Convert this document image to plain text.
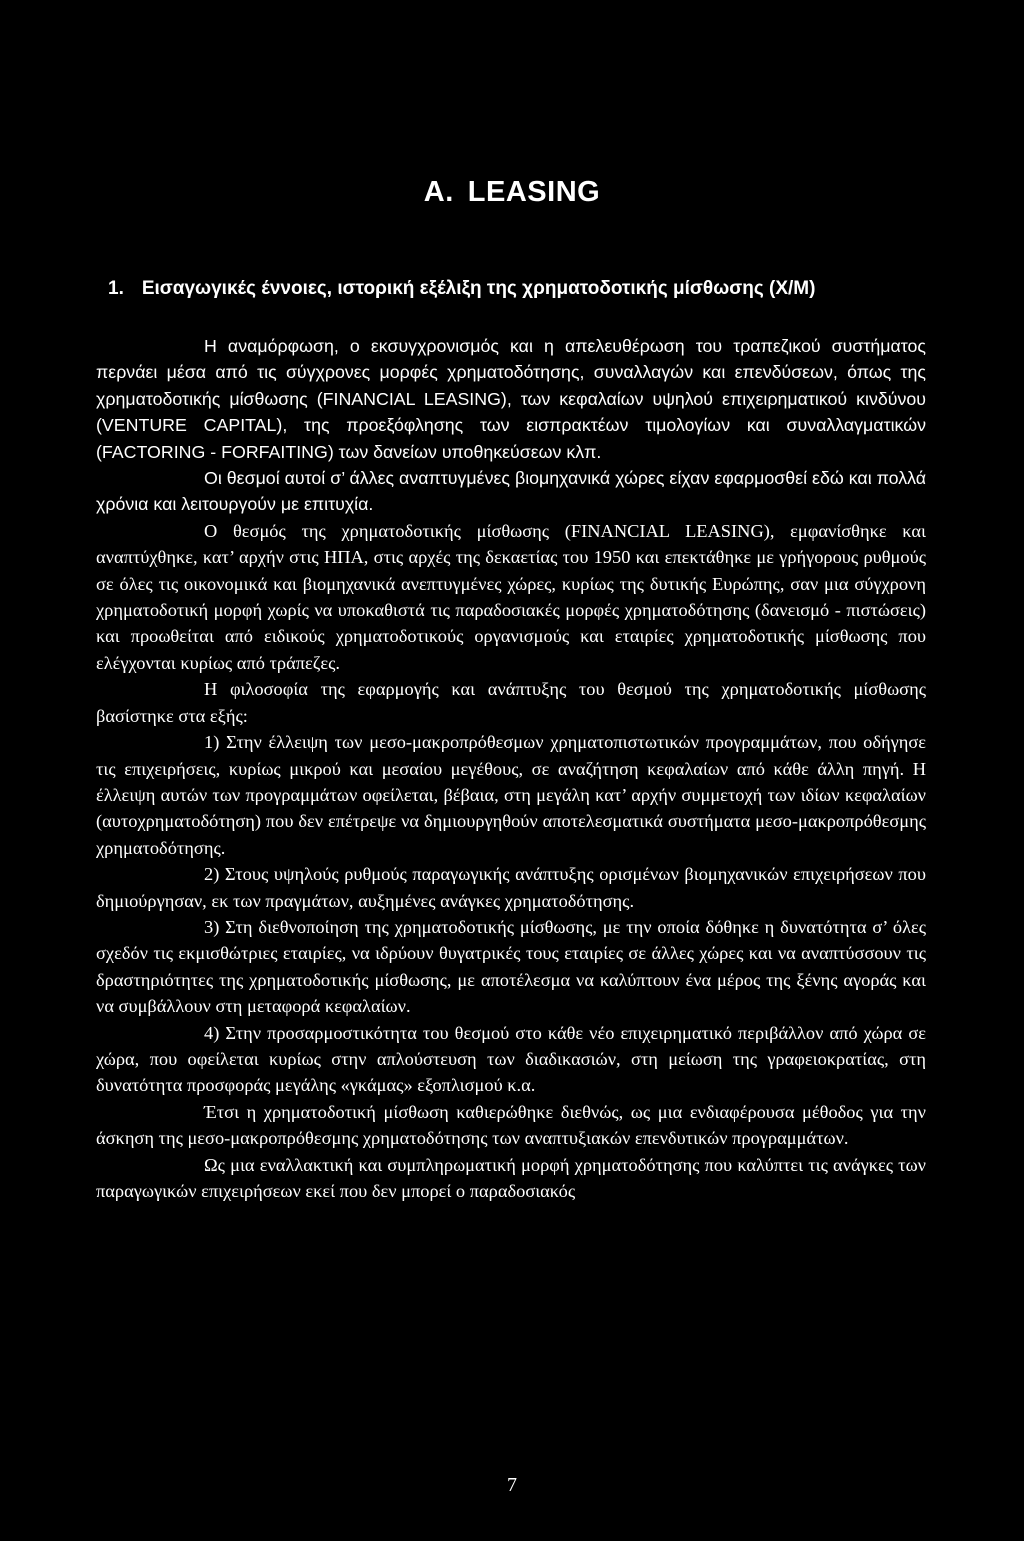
A. LEASING
1. Εισαγωγικές έννοιες, ιστορική εξέλιξη της χρηματοδοτικής μίσθωσης (Χ/Μ)

Η αναμόρφωση, ο εκσυγχρονισμός και η απελευθέρωση του τραπεζικού συστήματος περνάει μέσα από τις σύγχρονες μορφές χρηματοδότησης, συναλλαγών και επενδύσεων, όπως της χρηματοδοτικής μίσθωσης (FINANCIAL LEASING), των κεφαλαίων υψηλού επιχειρηματικού κινδύνου (VENTURE CAPITAL), της προεξόφλησης των εισπρακτέων τιμολογίων και συναλλαγματικών (FACTORING - FORFAITING) των δανείων υποθηκεύσεων κλπ.

Οι θεσμοί αυτοί σ’ άλλες αναπτυγμένες βιομηχανικά χώρες είχαν εφαρμοσθεί εδώ και πολλά χρόνια και λειτουργούν με επιτυχία.

Ο θεσμός της χρηματοδοτικής μίσθωσης (FINANCIAL LEASING), εμφανίσθηκε και αναπτύχθηκε, κατ’ αρχήν στις ΗΠΑ, στις αρχές της δεκαετίας του 1950 και επεκτάθηκε με γρήγορους ρυθμούς σε όλες τις οικονομικά και βιομηχανικά ανεπτυγμένες χώρες, κυρίως της δυτικής Ευρώπης, σαν μια σύγχρονη χρηματοδοτική μορφή χωρίς να υποκαθιστά τις παραδοσιακές μορφές χρηματοδότησης (δανεισμό - πιστώσεις) και προωθείται από ειδικούς χρηματοδοτικούς οργανισμούς και εταιρίες χρηματοδοτικής μίσθωσης που ελέγχονται κυρίως από τράπεζες.

Η φιλοσοφία της εφαρμογής και ανάπτυξης του θεσμού της χρηματοδοτικής μίσθωσης βασίστηκε στα εξής:

1) Στην έλλειψη των μεσο-μακροπρόθεσμων χρηματοπιστωτικών προγραμμάτων, που οδήγησε τις επιχειρήσεις, κυρίως μικρού και μεσαίου μεγέθους, σε αναζήτηση κεφαλαίων από κάθε άλλη πηγή. Η έλλειψη αυτών των προγραμμάτων οφείλεται, βέβαια, στη μεγάλη κατ’ αρχήν συμμετοχή των ιδίων κεφαλαίων (αυτοχρηματοδότηση) που δεν επέτρεψε να δημιουργηθούν αποτελεσματικά συστήματα μεσο-μακροπρόθεσμης χρηματοδότησης.

2) Στους υψηλούς ρυθμούς παραγωγικής ανάπτυξης ορισμένων βιομηχανικών επιχειρήσεων που δημιούργησαν, εκ των πραγμάτων, αυξημένες ανάγκες χρηματοδότησης.

3) Στη διεθνοποίηση της χρηματοδοτικής μίσθωσης, με την οποία δόθηκε η δυνατότητα σ’ όλες σχεδόν τις εκμισθώτριες εταιρίες, να ιδρύουν θυγατρικές τους εταιρίες σε άλλες χώρες και να αναπτύσσουν τις δραστηριότητες της χρηματοδοτικής μίσθωσης, με αποτέλεσμα να καλύπτουν ένα μέρος της ξένης αγοράς και να συμβάλλουν στη μεταφορά κεφαλαίων.

4) Στην προσαρμοστικότητα του θεσμού στο κάθε νέο επιχειρηματικό περιβάλλον από χώρα σε χώρα, που οφείλεται κυρίως στην απλούστευση των διαδικασιών, στη μείωση της γραφειοκρατίας, στη δυνατότητα προσφοράς μεγάλης «γκάμας» εξοπλισμού κ.α.

Έτσι η χρηματοδοτική μίσθωση καθιερώθηκε διεθνώς, ως μια ενδιαφέρουσα μέθοδος για την άσκηση της μεσο-μακροπρόθεσμης χρηματοδότησης των αναπτυξιακών επενδυτικών προγραμμάτων.

Ως μια εναλλακτική και συμπληρωματική μορφή χρηματοδότησης που καλύπτει τις ανάγκες των παραγωγικών επιχειρήσεων εκεί που δεν μπορεί ο παραδοσιακός

7
